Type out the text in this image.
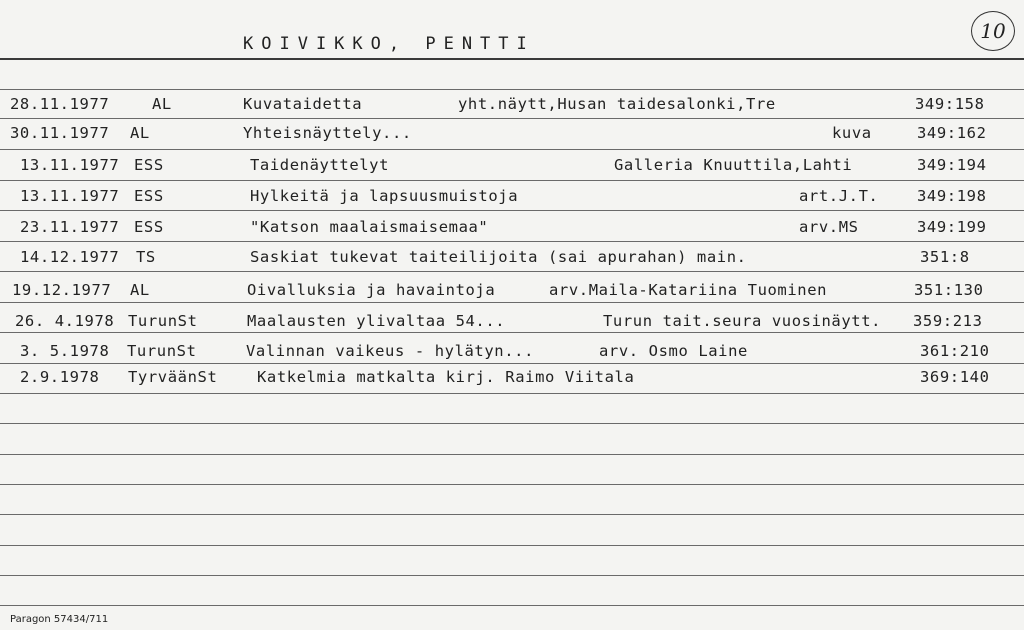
KOIVIKKO, PENTTI
10
28.11.1977	AL	Kuvataidetta	yht.näytt,Husan taidesalonki,Tre	349:158
30.11.1977 AL	Yhteisnäyttely...	kuva	349:162
13.11.1977 ESS	Taidenäyttelyt	Galleria Knuuttila,Lahti	349:194
13.11.1977 ESS	Hylkeitä ja lapsuusmuistoja	art.J.T. 349:198
23.11.1977 ESS	"Katson maalaismaisemaa"	arv.MS	349:199
14.12.1977 TS	Saskiat tukevat taiteilijoita (sai apurahan) main.	351:8
19.12.1977 AL	Oivalluksia ja havaintoja	arv.Maila-Katariina Tuominen	351:130
26. 4.1978 TurunSt	Maalausten ylivaltaa 54...	Turun tait.seura vuosinäytt. 359:213
3. 5.1978 TurunSt	Valinnan vaikeus - hylätyn...	arv. Osmo Laine	361:210
2.9.1978 TyrväänSt	Katkelmia matkalta kirj. Raimo Viitala	369:140
Paragon 57434/711
